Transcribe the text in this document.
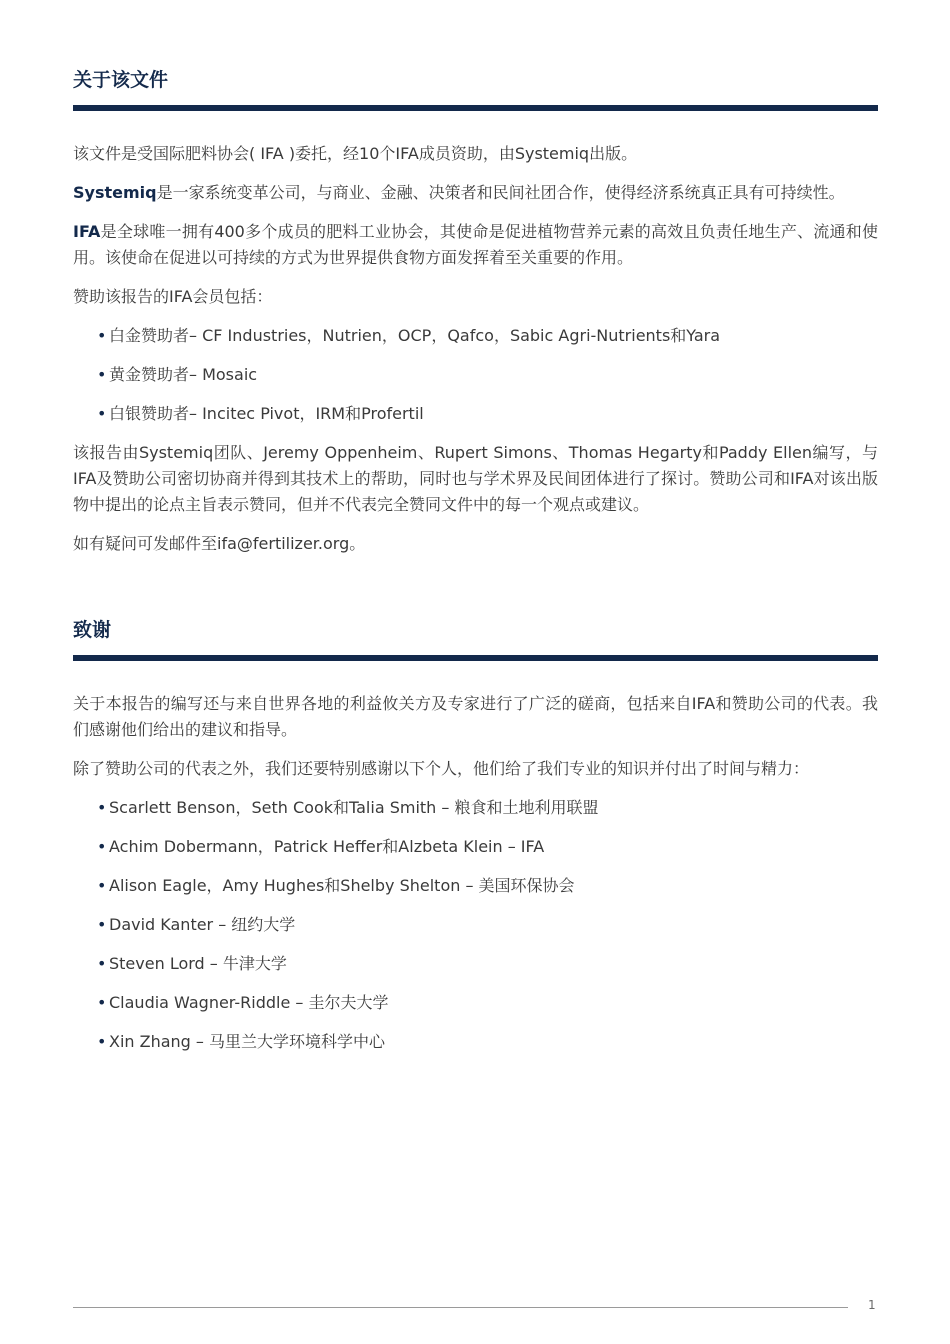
关于该文件

该文件是受国际肥料协会( IFA )委托，经10个IFA成员资助，由Systemiq出版。

Systemiq是一家系统变革公司，与商业、金融、决策者和民间社团合作，使得经济系统真正具有可持续性。

IFA是全球唯一拥有400多个成员的肥料工业协会，其使命是促进植物营养元素的高效且负责任地生产、流通和使用。该使命在促进以可持续的方式为世界提供食物方面发挥着至关重要的作用。

赞助该报告的IFA会员包括：

• 白金赞助者– CF Industries，Nutrien，OCP，Qafco，Sabic Agri-Nutrients和Yara
• 黄金赞助者– Mosaic
• 白银赞助者– Incitec Pivot，IRM和Profertil

该报告由Systemiq团队、Jeremy Oppenheim、Rupert Simons、Thomas Hegarty和Paddy Ellen编写，与IFA及赞助公司密切协商并得到其技术上的帮助，同时也与学术界及民间团体进行了探讨。赞助公司和IFA对该出版物中提出的论点主旨表示赞同，但并不代表完全赞同文件中的每一个观点或建议。

如有疑问可发邮件至ifa@fertilizer.org。

致谢

关于本报告的编写还与来自世界各地的利益攸关方及专家进行了广泛的磋商，包括来自IFA和赞助公司的代表。我们感谢他们给出的建议和指导。

除了赞助公司的代表之外，我们还要特别感谢以下个人，他们给了我们专业的知识并付出了时间与精力：

• Scarlett Benson，Seth Cook和Talia Smith – 粮食和土地利用联盟
• Achim Dobermann，Patrick Heffer和Alzbeta Klein – IFA
• Alison Eagle，Amy Hughes和Shelby Shelton – 美国环保协会
• David Kanter – 纽约大学
• Steven Lord – 牛津大学
• Claudia Wagner-Riddle – 圭尔夫大学
• Xin Zhang – 马里兰大学环境科学中心
1
